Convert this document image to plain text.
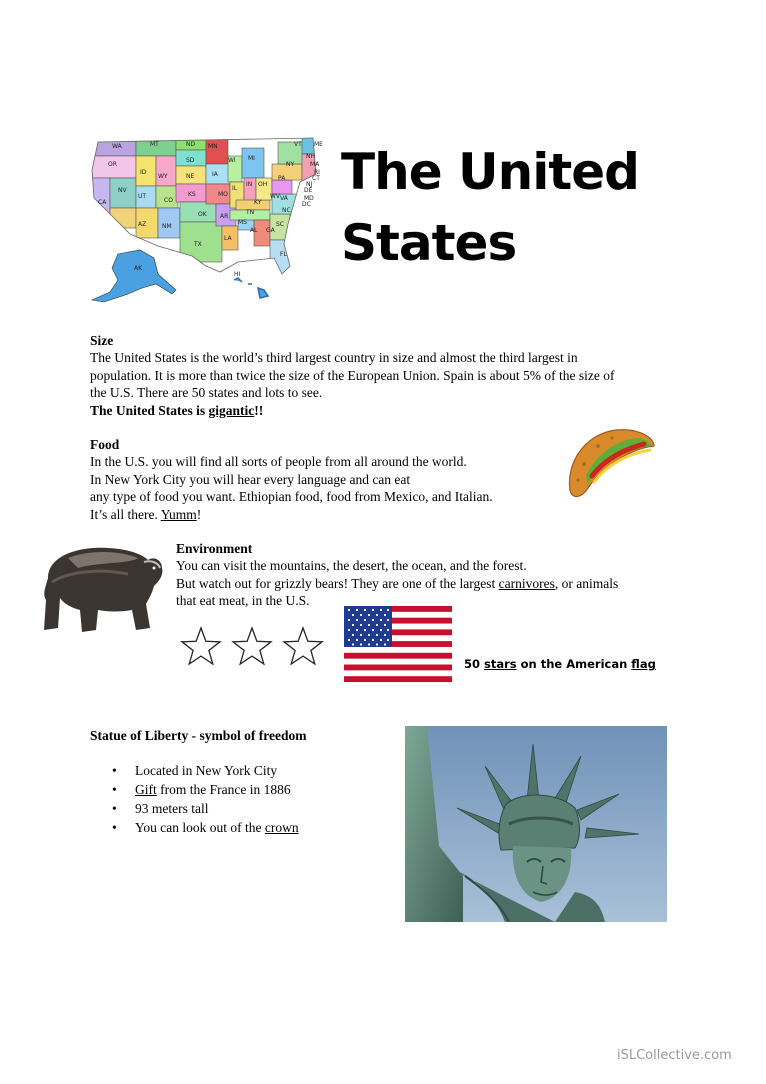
WA
OR
CA
NV
ID
MT
WY
UT
AZ
CO
NM
ND
SD
NE
KS
OK
TX
MN
IA
MO
AR
LA
WI
IL
MS
MI
IN
KY
TN
AL
OH
GA
FL
SC
NC
VA
WV
PA
NY
VT
NH
MA
ME
RI
CT
NJ
DE
MD
DC
AK
HI
The United
States
Size

The United States is the world’s third largest country in size and almost the third largest in

population. It is more than twice the size of the European Union. Spain is about 5% of the size of

the U.S. There are 50 states and lots to see.

The United States is gigantic!!

Food

In the U.S. you will find all sorts of people from all around the world.

In New York City you will hear every language and can eat

any type of food you want. Ethiopian food, food from Mexico, and Italian.

It’s all there. Yumm!

Environment

You can visit the mountains, the desert, the ocean, and the forest.

But watch out for grizzly bears! They are one of the largest carnivores, or animals

that eat meat, in the U.S.

50 stars on the American flag
Statue of Liberty - symbol of freedom
• Located in New York City
• Gift from the France in 1886
• 93 meters tall
• You can look out of the crown
iSLCollective.com
